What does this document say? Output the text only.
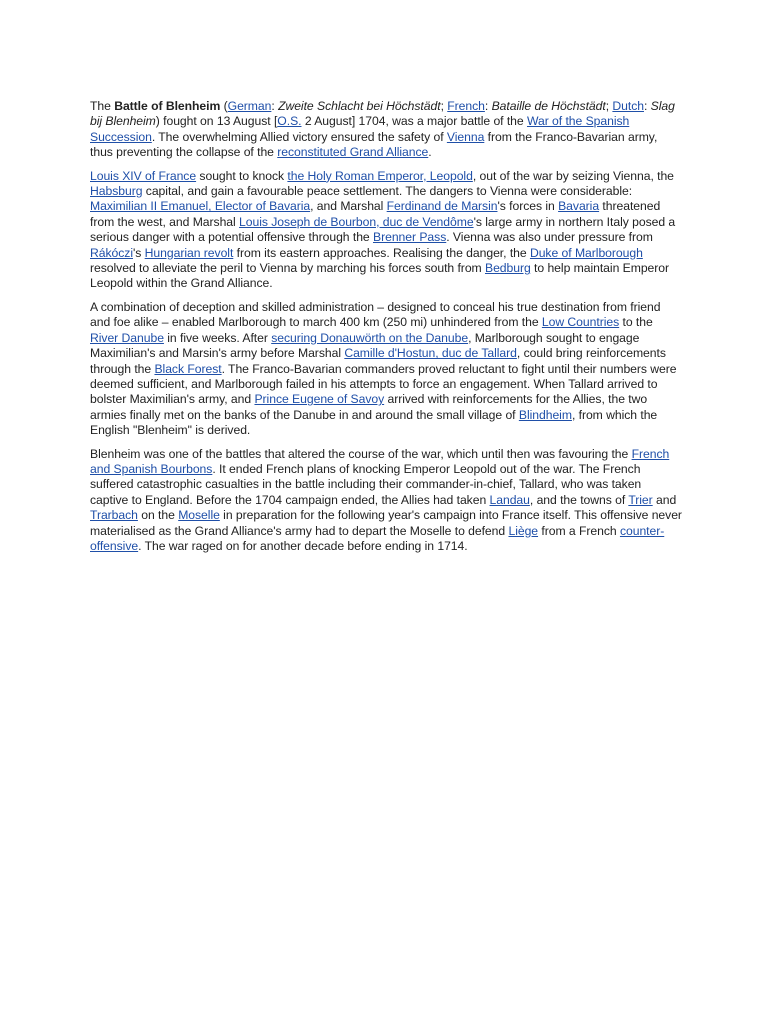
The Battle of Blenheim (German: Zweite Schlacht bei Höchstädt; French: Bataille de Höchstädt; Dutch: Slag bij Blenheim) fought on 13 August [O.S. 2 August] 1704, was a major battle of the War of the Spanish Succession. The overwhelming Allied victory ensured the safety of Vienna from the Franco-Bavarian army, thus preventing the collapse of the reconstituted Grand Alliance.

Louis XIV of France sought to knock the Holy Roman Emperor, Leopold, out of the war by seizing Vienna, the Habsburg capital, and gain a favourable peace settlement. The dangers to Vienna were considerable: Maximilian II Emanuel, Elector of Bavaria, and Marshal Ferdinand de Marsin's forces in Bavaria threatened from the west, and Marshal Louis Joseph de Bourbon, duc de Vendôme's large army in northern Italy posed a serious danger with a potential offensive through the Brenner Pass. Vienna was also under pressure from Rákóczi's Hungarian revolt from its eastern approaches. Realising the danger, the Duke of Marlborough resolved to alleviate the peril to Vienna by marching his forces south from Bedburg to help maintain Emperor Leopold within the Grand Alliance.

A combination of deception and skilled administration – designed to conceal his true destination from friend and foe alike – enabled Marlborough to march 400 km (250 mi) unhindered from the Low Countries to the River Danube in five weeks. After securing Donauwörth on the Danube, Marlborough sought to engage Maximilian's and Marsin's army before Marshal Camille d'Hostun, duc de Tallard, could bring reinforcements through the Black Forest. The Franco-Bavarian commanders proved reluctant to fight until their numbers were deemed sufficient, and Marlborough failed in his attempts to force an engagement. When Tallard arrived to bolster Maximilian's army, and Prince Eugene of Savoy arrived with reinforcements for the Allies, the two armies finally met on the banks of the Danube in and around the small village of Blindheim, from which the English "Blenheim" is derived.

Blenheim was one of the battles that altered the course of the war, which until then was favouring the French and Spanish Bourbons. It ended French plans of knocking Emperor Leopold out of the war. The French suffered catastrophic casualties in the battle including their commander-in-chief, Tallard, who was taken captive to England. Before the 1704 campaign ended, the Allies had taken Landau, and the towns of Trier and Trarbach on the Moselle in preparation for the following year's campaign into France itself. This offensive never materialised as the Grand Alliance's army had to depart the Moselle to defend Liège from a French counter-offensive. The war raged on for another decade before ending in 1714.
